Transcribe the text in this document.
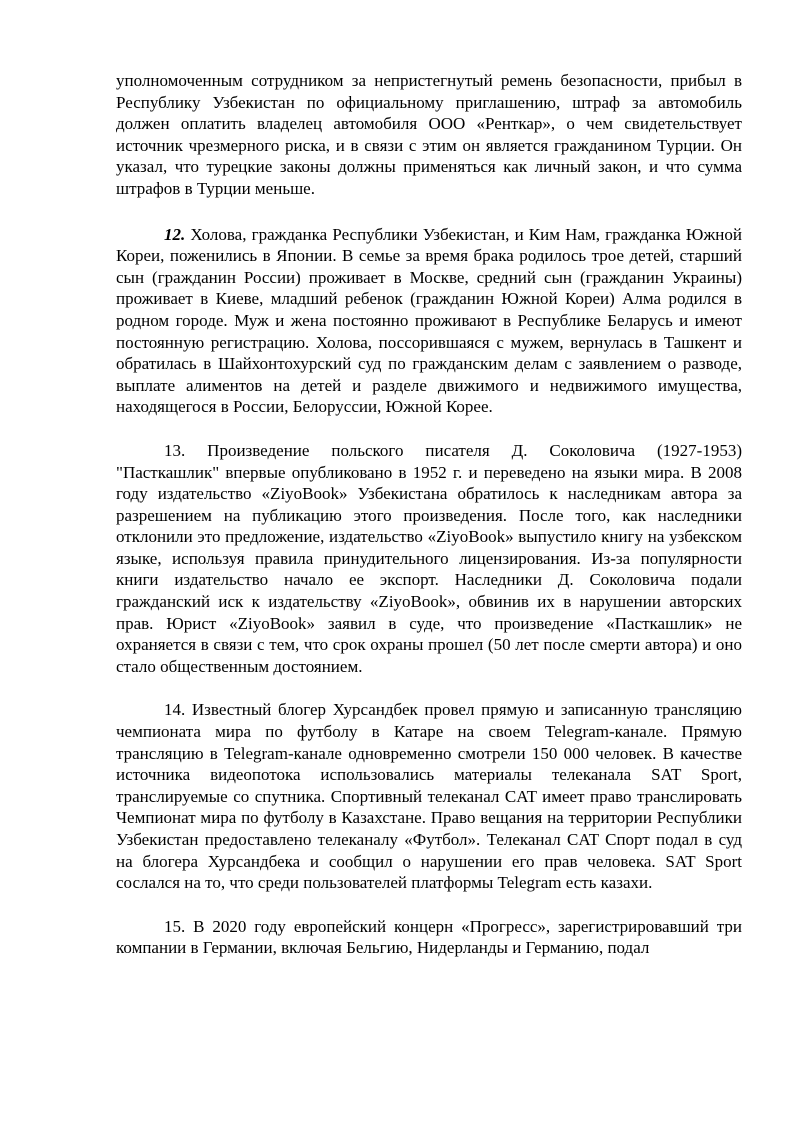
уполномоченным сотрудником за непристегнутый ремень безопасности, прибыл в Республику Узбекистан по официальному приглашению, штраф за автомобиль должен оплатить владелец автомобиля ООО «Ренткар», о чем свидетельствует источник чрезмерного риска, и в связи с этим он является гражданином Турции. Он указал, что турецкие законы должны применяться как личный закон, и что сумма штрафов в Турции меньше.

12. Холова, гражданка Республики Узбекистан, и Ким Нам, гражданка Южной Кореи, поженились в Японии. В семье за время брака родилось трое детей, старший сын (гражданин России) проживает в Москве, средний сын (гражданин Украины) проживает в Киеве, младший ребенок (гражданин Южной Кореи) Алма родился в родном городе. Муж и жена постоянно проживают в Республике Беларусь и имеют постоянную регистрацию. Холова, поссорившаяся с мужем, вернулась в Ташкент и обратилась в Шайхонтохурский суд по гражданским делам с заявлением о разводе, выплате алиментов на детей и разделе движимого и недвижимого имущества, находящегося в России, Белоруссии, Южной Корее.

13. Произведение польского писателя Д. Соколовича (1927-1953) "Пасткашлик" впервые опубликовано в 1952 г. и переведено на языки мира. В 2008 году издательство «ZiyoBook» Узбекистана обратилось к наследникам автора за разрешением на публикацию этого произведения. После того, как наследники отклонили это предложение, издательство «ZiyoBook» выпустило книгу на узбекском языке, используя правила принудительного лицензирования. Из-за популярности книги издательство начало ее экспорт. Наследники Д. Соколовича подали гражданский иск к издательству «ZiyoBook», обвинив их в нарушении авторских прав. Юрист «ZiyoBook» заявил в суде, что произведение «Пасткашлик» не охраняется в связи с тем, что срок охраны прошел (50 лет после смерти автора) и оно стало общественным достоянием.

14. Известный блогер Хурсандбек провел прямую и записанную трансляцию чемпионата мира по футболу в Катаре на своем Telegram-канале. Прямую трансляцию в Telegram-канале одновременно смотрели 150 000 человек. В качестве источника видеопотока использовались материалы телеканала SAT Sport, транслируемые со спутника. Спортивный телеканал CAT имеет право транслировать Чемпионат мира по футболу в Казахстане. Право вещания на территории Республики Узбекистан предоставлено телеканалу «Футбол». Телеканал CAT Спорт подал в суд на блогера Хурсандбека и сообщил о нарушении его прав человека. SAT Sport сослался на то, что среди пользователей платформы Telegram есть казахи.

15. В 2020 году европейский концерн «Прогресс», зарегистрировавший три компании в Германии, включая Бельгию, Нидерланды и Германию, подал
